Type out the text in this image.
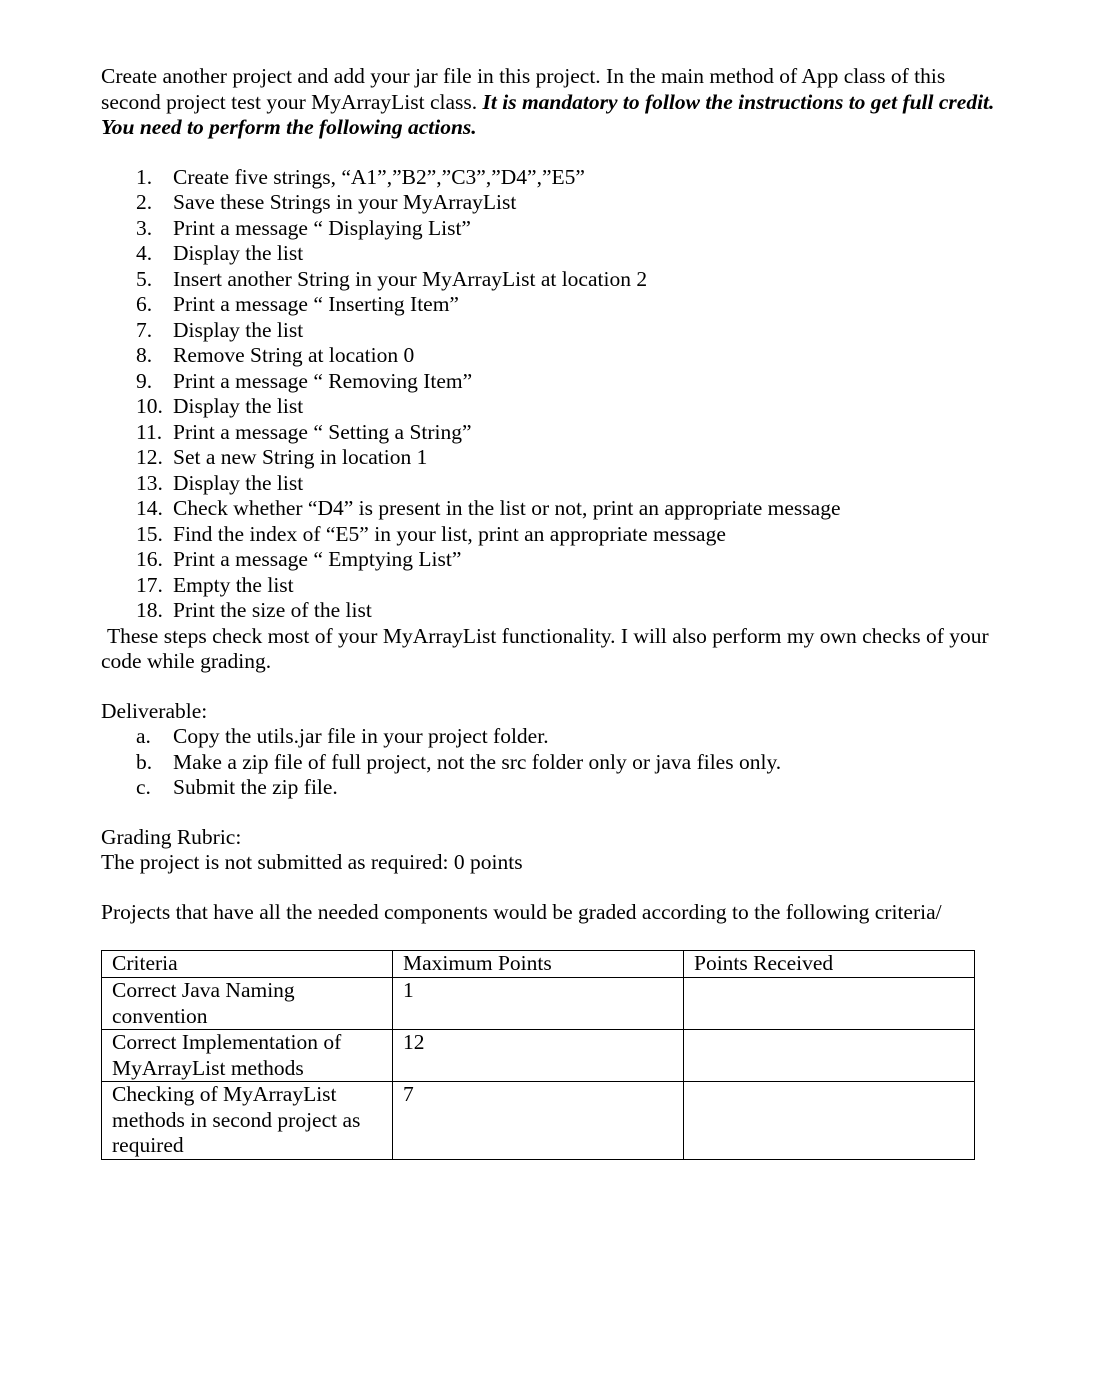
Create another project and add your jar file in this project. In the main method of App class of this second project test your MyArrayList class. It is mandatory to follow the instructions to get full credit. You need to perform the following actions.

1. Create five strings, “A1”,”B2”,”C3”,”D4”,”E5”
2. Save these Strings in your MyArrayList
3. Print a message “ Displaying List”
4. Display the list
5. Insert another String in your MyArrayList at location 2
6. Print a message “ Inserting Item”
7. Display the list
8. Remove String at location 0
9. Print a message “ Removing Item”
10. Display the list
11. Print a message “ Setting a String”
12. Set a new String in location 1
13. Display the list
14. Check whether “D4” is present in the list or not, print an appropriate message
15. Find the index of “E5” in your list, print an appropriate message
16. Print a message “ Emptying List”
17. Empty the list
18. Print the size of the list

These steps check most of your MyArrayList functionality. I will also perform my own checks of your code while grading.

Deliverable:

a. Copy the utils.jar file in your project folder.
b. Make a zip file of full project, not the src folder only or java files only.
c. Submit the zip file.

Grading Rubric:

The project is not submitted as required: 0 points

Projects that have all the needed components would be graded according to the following criteria/

Criteria	Maximum Points	Points Received
Correct Java Naming convention	1	
Correct Implementation of MyArrayList methods	12	
Checking of MyArrayList methods in second project as required	7	
